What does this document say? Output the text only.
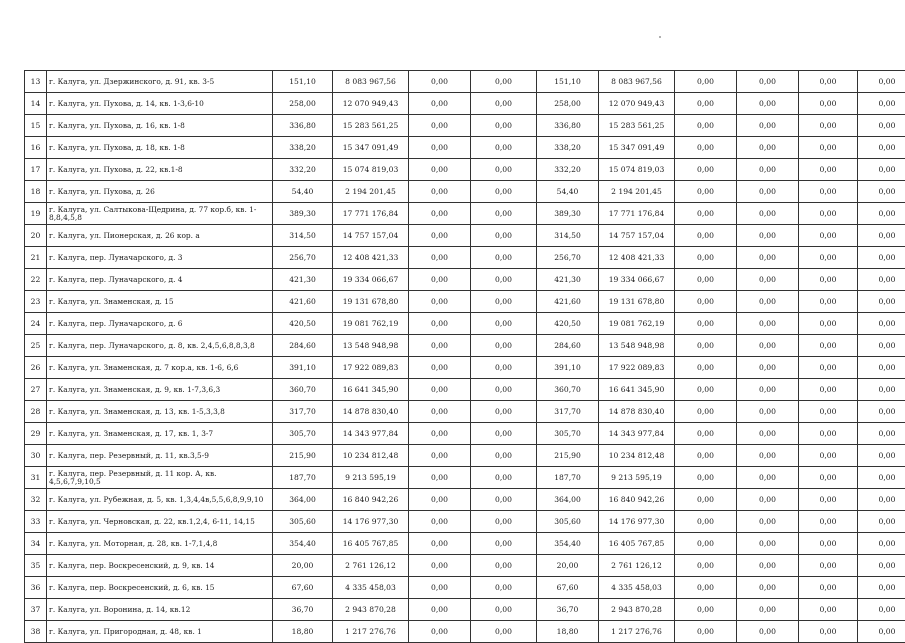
13	г. Калуга, ул. Дзержинского, д. 91, кв. 3-5	151,10	8 083 967,56	0,00	0,00	151,10	8 083 967,56	0,00	0,00	0,00	0,00
14	г. Калуга, ул. Пухова, д. 14, кв. 1-3,6-10	258,00	12 070 949,43	0,00	0,00	258,00	12 070 949,43	0,00	0,00	0,00	0,00
15	г. Калуга, ул. Пухова, д. 16, кв. 1-8	336,80	15 283 561,25	0,00	0,00	336,80	15 283 561,25	0,00	0,00	0,00	0,00
16	г. Калуга, ул. Пухова, д. 18, кв. 1-8	338,20	15 347 091,49	0,00	0,00	338,20	15 347 091,49	0,00	0,00	0,00	0,00
17	г. Калуга, ул. Пухова, д. 22, кв.1-8	332,20	15 074 819,03	0,00	0,00	332,20	15 074 819,03	0,00	0,00	0,00	0,00
18	г. Калуга, ул. Пухова, д. 26	54,40	2 194 201,45	0,00	0,00	54,40	2 194 201,45	0,00	0,00	0,00	0,00
19	г. Калуга, ул. Салтыкова-Щедрина, д. 77 кор.б, кв. 1-8,8,4,5,8	389,30	17 771 176,84	0,00	0,00	389,30	17 771 176,84	0,00	0,00	0,00	0,00
20	г. Калуга, ул. Пионерская, д. 26 кор. а	314,50	14 757 157,04	0,00	0,00	314,50	14 757 157,04	0,00	0,00	0,00	0,00
21	г. Калуга, пер. Луначарского, д. 3	256,70	12 408 421,33	0,00	0,00	256,70	12 408 421,33	0,00	0,00	0,00	0,00
22	г. Калуга, пер. Луначарского, д. 4	421,30	19 334 066,67	0,00	0,00	421,30	19 334 066,67	0,00	0,00	0,00	0,00
23	г. Калуга, ул. Знаменская, д. 15	421,60	19 131 678,80	0,00	0,00	421,60	19 131 678,80	0,00	0,00	0,00	0,00
24	г. Калуга, пер. Луначарского, д. 6	420,50	19 081 762,19	0,00	0,00	420,50	19 081 762,19	0,00	0,00	0,00	0,00
25	г. Калуга, пер. Луначарского, д. 8, кв. 2,4,5,6,8,8,3,8	284,60	13 548 948,98	0,00	0,00	284,60	13 548 948,98	0,00	0,00	0,00	0,00
26	г. Калуга, ул. Знаменская, д. 7 кор.а, кв. 1-6, 6,6	391,10	17 922 089,83	0,00	0,00	391,10	17 922 089,83	0,00	0,00	0,00	0,00
27	г. Калуга, ул. Знаменская, д. 9, кв. 1-7,3,6,3	360,70	16 641 345,90	0,00	0,00	360,70	16 641 345,90	0,00	0,00	0,00	0,00
28	г. Калуга, ул. Знаменская, д. 13, кв. 1-5,3,3,8	317,70	14 878 830,40	0,00	0,00	317,70	14 878 830,40	0,00	0,00	0,00	0,00
29	г. Калуга, ул. Знаменская, д. 17, кв. 1, 3-7	305,70	14 343 977,84	0,00	0,00	305,70	14 343 977,84	0,00	0,00	0,00	0,00
30	г. Калуга, пер. Резервный, д. 11, кв.3,5-9	215,90	10 234 812,48	0,00	0,00	215,90	10 234 812,48	0,00	0,00	0,00	0,00
31	г. Калуга, пер. Резервный, д. 11 кор. А, кв. 4,5,6,7,9,10,5	187,70	9 213 595,19	0,00	0,00	187,70	9 213 595,19	0,00	0,00	0,00	0,00
32	г. Калуга, ул. Рубежная, д. 5, кв. 1,3,4,4в,5,5,6,8,9,9,10	364,00	16 840 942,26	0,00	0,00	364,00	16 840 942,26	0,00	0,00	0,00	0,00
33	г. Калуга, ул. Черновская, д. 22, кв.1,2,4, 6-11, 14,15	305,60	14 176 977,30	0,00	0,00	305,60	14 176 977,30	0,00	0,00	0,00	0,00
34	г. Калуга, ул. Моторная, д. 28, кв. 1-7,1,4,8	354,40	16 405 767,85	0,00	0,00	354,40	16 405 767,85	0,00	0,00	0,00	0,00
35	г. Калуга, пер. Воскресенский, д. 9, кв. 14	20,00	2 761 126,12	0,00	0,00	20,00	2 761 126,12	0,00	0,00	0,00	0,00
36	г. Калуга, пер. Воскресенский, д. 6, кв. 15	67,60	4 335 458,03	0,00	0,00	67,60	4 335 458,03	0,00	0,00	0,00	0,00
37	г. Калуга, ул. Воронина, д. 14, кв.12	36,70	2 943 870,28	0,00	0,00	36,70	2 943 870,28	0,00	0,00	0,00	0,00
38	г. Калуга, ул. Пригородная, д. 48, кв. 1	18,80	1 217 276,76	0,00	0,00	18,80	1 217 276,76	0,00	0,00	0,00	0,00
